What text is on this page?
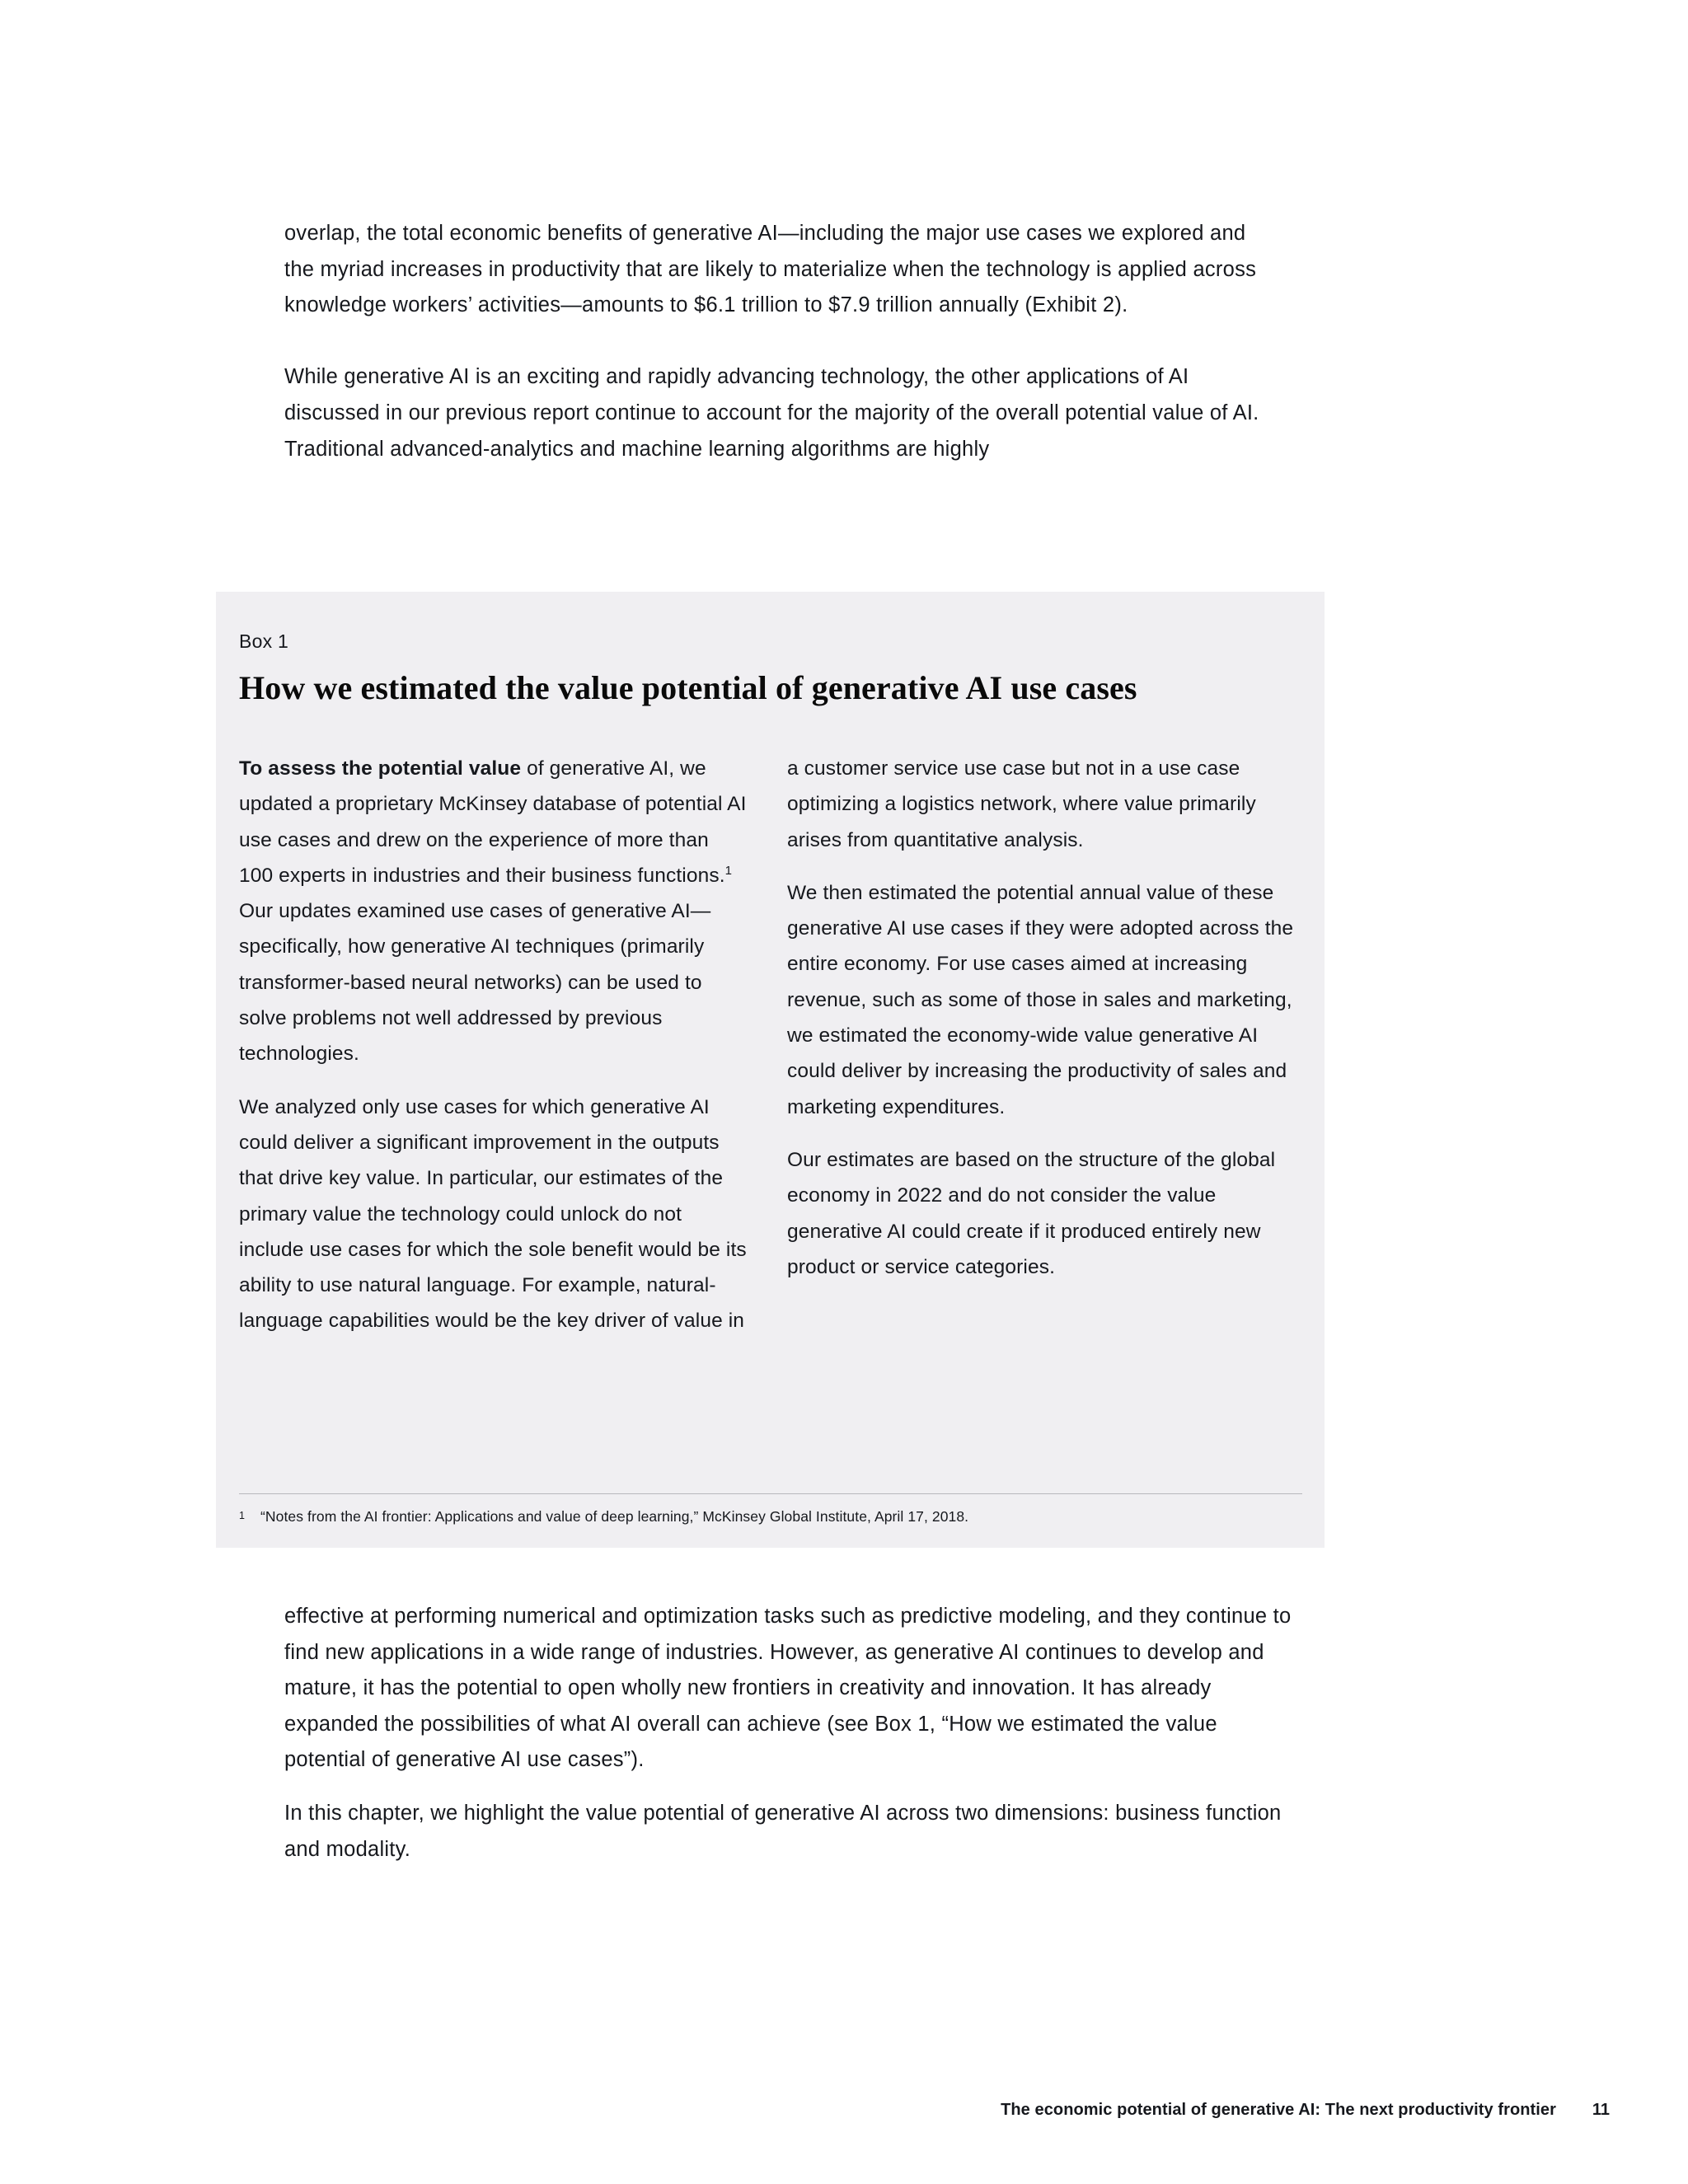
overlap, the total economic benefits of generative AI—including the major use cases we explored and the myriad increases in productivity that are likely to materialize when the technology is applied across knowledge workers’ activities—amounts to $6.1 trillion to $7.9 trillion annually (Exhibit 2).

While generative AI is an exciting and rapidly advancing technology, the other applications of AI discussed in our previous report continue to account for the majority of the overall potential value of AI. Traditional advanced-analytics and machine learning algorithms are highly

Box 1
How we estimated the value potential of generative AI use cases

To assess the potential value of generative AI, we updated a proprietary McKinsey database of potential AI use cases and drew on the experience of more than 100 experts in industries and their business functions.$^1$ Our updates examined use cases of generative AI—specifically, how generative AI techniques (primarily transformer-based neural networks) can be used to solve problems not well addressed by previous technologies.

We analyzed only use cases for which generative AI could deliver a significant improvement in the outputs that drive key value. In particular, our estimates of the primary value the technology could unlock do not include use cases for which the sole benefit would be its ability to use natural language. For example, natural-language capabilities would be the key driver of value in

a customer service use case but not in a use case optimizing a logistics network, where value primarily arises from quantitative analysis.

We then estimated the potential annual value of these generative AI use cases if they were adopted across the entire economy. For use cases aimed at increasing revenue, such as some of those in sales and marketing, we estimated the economy-wide value generative AI could deliver by increasing the productivity of sales and marketing expenditures.

Our estimates are based on the structure of the global economy in 2022 and do not consider the value generative AI could create if it produced entirely new product or service categories.

1	“Notes from the AI frontier: Applications and value of deep learning,” McKinsey Global Institute, April 17, 2018.

effective at performing numerical and optimization tasks such as predictive modeling, and they continue to find new applications in a wide range of industries. However, as generative AI continues to develop and mature, it has the potential to open wholly new frontiers in creativity and innovation. It has already expanded the possibilities of what AI overall can achieve (see Box 1, “How we estimated the value potential of generative AI use cases”).

In this chapter, we highlight the value potential of generative AI across two dimensions: business function and modality.

The economic potential of generative AI: The next productivity frontier 11
